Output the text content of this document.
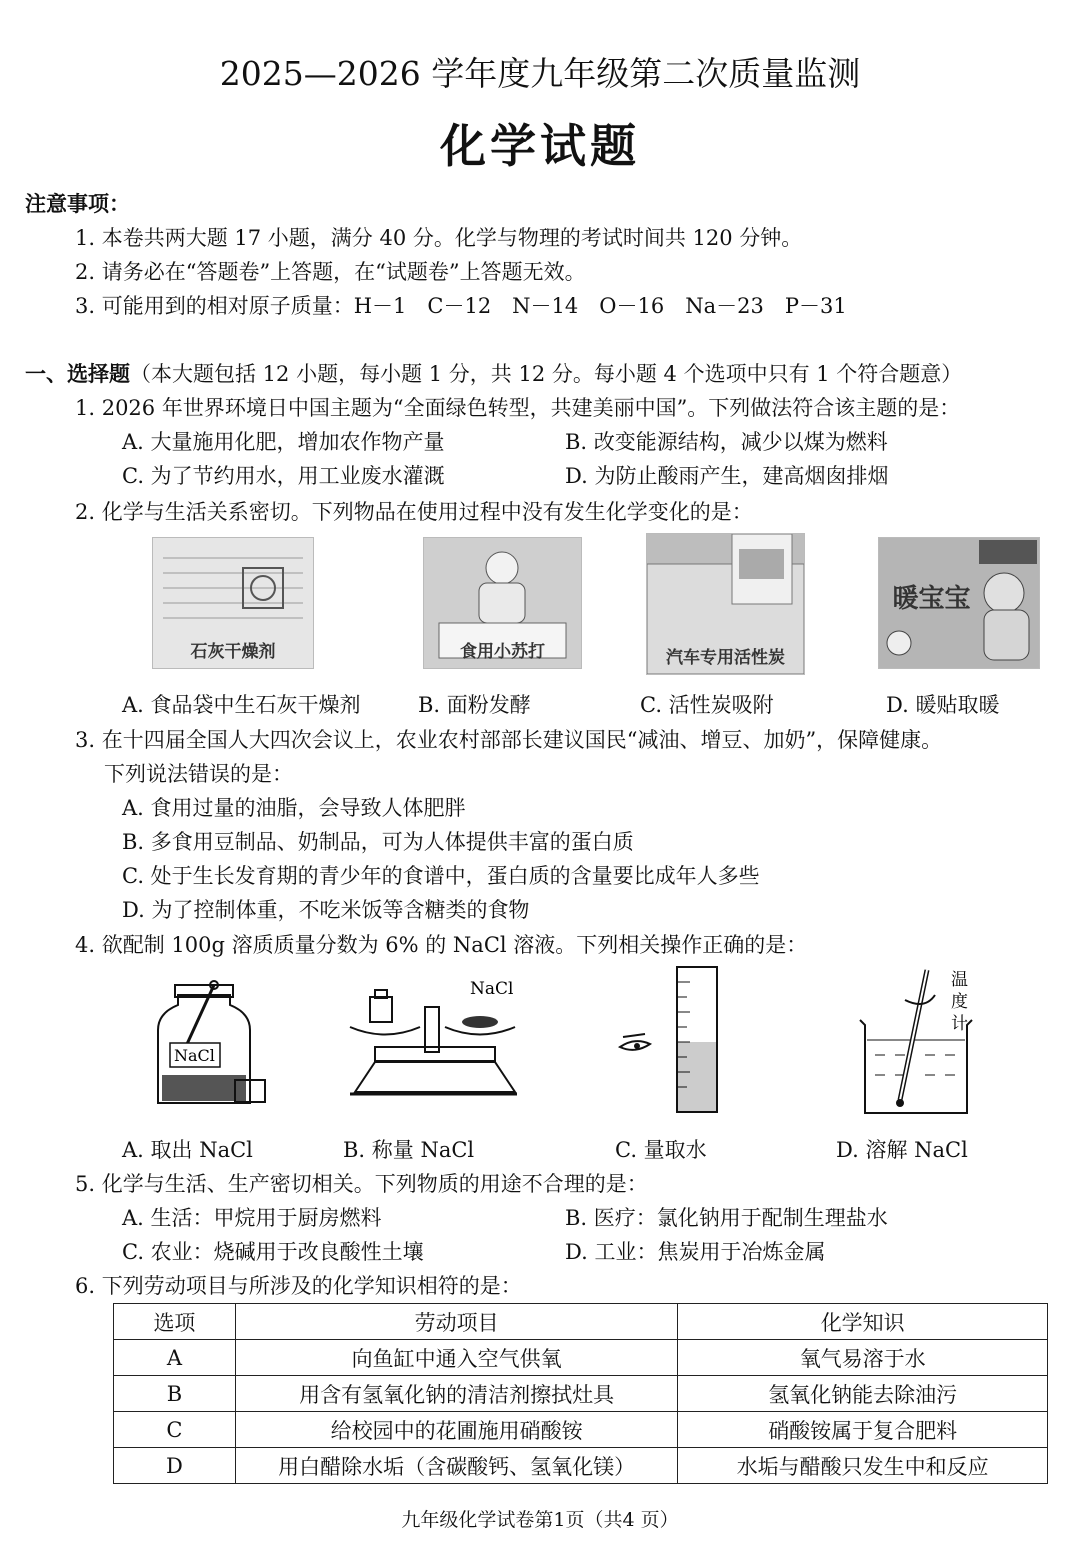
2025—2026 学年度九年级第二次质量监测
化学试题
注意事项：
1. 本卷共两大题 17 小题，满分 40 分。化学与物理的考试时间共 120 分钟。
2. 请务必在“答题卷”上答题，在“试题卷”上答题无效。
3. 可能用到的相对原子质量：H－1　C－12　N－14　O－16　Na－23　P－31
一、选择题（本大题包括 12 小题，每小题 1 分，共 12 分。每小题 4 个选项中只有 1 个符合题意）
1. 2026 年世界环境日中国主题为“全面绿色转型，共建美丽中国”。下列做法符合该主题的是：
A. 大量施用化肥，增加农作物产量	B. 改变能源结构，减少以煤为燃料
C. 为了节约用水，用工业废水灌溉	D. 为防止酸雨产生，建高烟囱排烟
2. 化学与生活关系密切。下列物品在使用过程中没有发生化学变化的是：
石灰干燥剂	食用小苏打	汽车专用活性炭
暖宝宝
A. 食品袋中生石灰干燥剂	B. 面粉发酵	C. 活性炭吸附	D. 暖贴取暖
3. 在十四届全国人大四次会议上，农业农村部部长建议国民“减油、增豆、加奶”，保障健康。
下列说法错误的是：
A. 食用过量的油脂，会导致人体肥胖
B. 多食用豆制品、奶制品，可为人体提供丰富的蛋白质
C. 处于生长发育期的青少年的食谱中，蛋白质的含量要比成年人多些
D. 为了控制体重，不吃米饭等含糖类的食物
4. 欲配制 100g 溶质质量分数为 6% 的 NaCl 溶液。下列相关操作正确的是：
NaCl
NaCl	温
度
计
A. 取出 NaCl	B. 称量 NaCl	C. 量取水	D. 溶解 NaCl
5. 化学与生活、生产密切相关。下列物质的用途不合理的是：
A. 生活：甲烷用于厨房燃料	B. 医疗：氯化钠用于配制生理盐水
C. 农业：烧碱用于改良酸性土壤	D. 工业：焦炭用于冶炼金属
6. 下列劳动项目与所涉及的化学知识相符的是：
选项	劳动项目	化学知识
A	向鱼缸中通入空气供氧	氧气易溶于水
B	用含有氢氧化钠的清洁剂擦拭灶具	氢氧化钠能去除油污
C	给校园中的花圃施用硝酸铵	硝酸铵属于复合肥料
D	用白醋除水垢（含碳酸钙、氢氧化镁）	水垢与醋酸只发生中和反应
九年级化学试卷第1页（共4 页）
